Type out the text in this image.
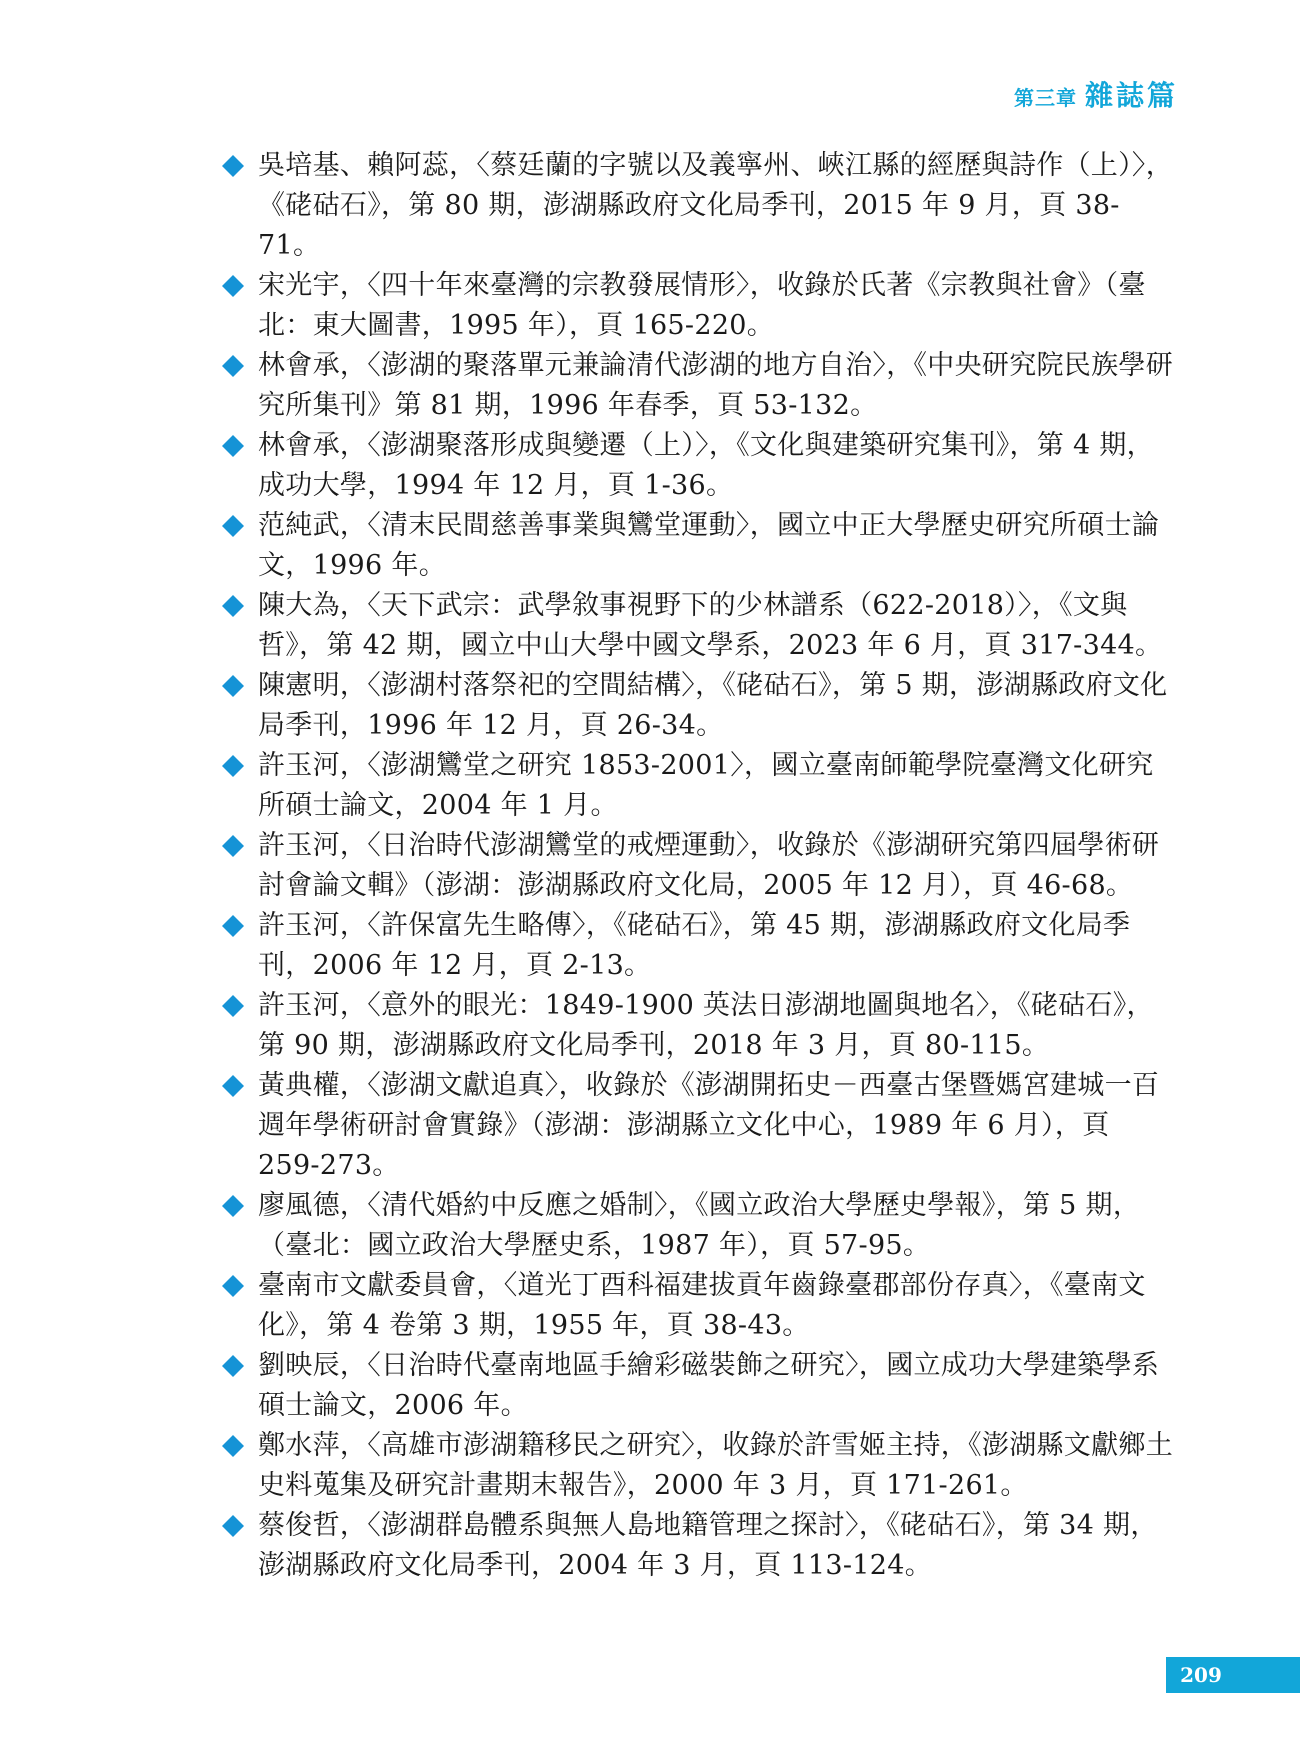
第三章 雜誌篇
吳培基、賴阿蕊，〈蔡廷蘭的字號以及義寧州、峽江縣的經歷與詩作（上）〉，《硓𥑮石》，第 80 期，澎湖縣政府文化局季刊，2015 年 9 月，頁 38-71。
宋光宇，〈四十年來臺灣的宗教發展情形〉，收錄於氏著《宗教與社會》（臺北：東大圖書，1995 年），頁 165-220。
林會承，〈澎湖的聚落單元兼論清代澎湖的地方自治〉，《中央研究院民族學研究所集刊》第 81 期，1996 年春季，頁 53-132。
林會承，〈澎湖聚落形成與變遷（上）〉，《文化與建築研究集刊》，第 4 期，成功大學，1994 年 12 月，頁 1-36。
范純武，〈清末民間慈善事業與鸞堂運動〉，國立中正大學歷史研究所碩士論文，1996 年。
陳大為，〈天下武宗：武學敘事視野下的少林譜系（622-2018）〉，《文與哲》，第 42 期，國立中山大學中國文學系，2023 年 6 月，頁 317-344。
陳憲明，〈澎湖村落祭祀的空間結構〉，《硓𥑮石》，第 5 期，澎湖縣政府文化局季刊，1996 年 12 月，頁 26-34。
許玉河，〈澎湖鸞堂之研究 1853-2001〉，國立臺南師範學院臺灣文化研究所碩士論文，2004 年 1 月。
許玉河，〈日治時代澎湖鸞堂的戒煙運動〉，收錄於《澎湖研究第四屆學術研討會論文輯》（澎湖：澎湖縣政府文化局，2005 年 12 月），頁 46-68。
許玉河，〈許保富先生略傳〉，《硓𥑮石》，第 45 期，澎湖縣政府文化局季刊，2006 年 12 月，頁 2-13。
許玉河，〈意外的眼光：1849-1900 英法日澎湖地圖與地名〉，《硓𥑮石》，第 90 期，澎湖縣政府文化局季刊，2018 年 3 月，頁 80-115。
黃典權，〈澎湖文獻追真〉，收錄於《澎湖開拓史－西臺古堡暨媽宮建城一百週年學術研討會實錄》（澎湖：澎湖縣立文化中心，1989 年 6 月），頁 259-273。
廖風德，〈清代婚約中反應之婚制〉，《國立政治大學歷史學報》，第 5 期，（臺北：國立政治大學歷史系，1987 年），頁 57-95。
臺南市文獻委員會，〈道光丁酉科福建拔貢年齒錄臺郡部份存真〉，《臺南文化》，第 4 卷第 3 期，1955 年，頁 38-43。
劉映辰，〈日治時代臺南地區手繪彩磁裝飾之研究〉，國立成功大學建築學系碩士論文，2006 年。
鄭水萍，〈高雄市澎湖籍移民之研究〉，收錄於許雪姬主持，《澎湖縣文獻鄉土史料蒐集及研究計畫期末報告》，2000 年 3 月，頁 171-261。
蔡俊哲，〈澎湖群島體系與無人島地籍管理之探討〉，《硓𥑮石》，第 34 期，澎湖縣政府文化局季刊，2004 年 3 月，頁 113-124。
209
